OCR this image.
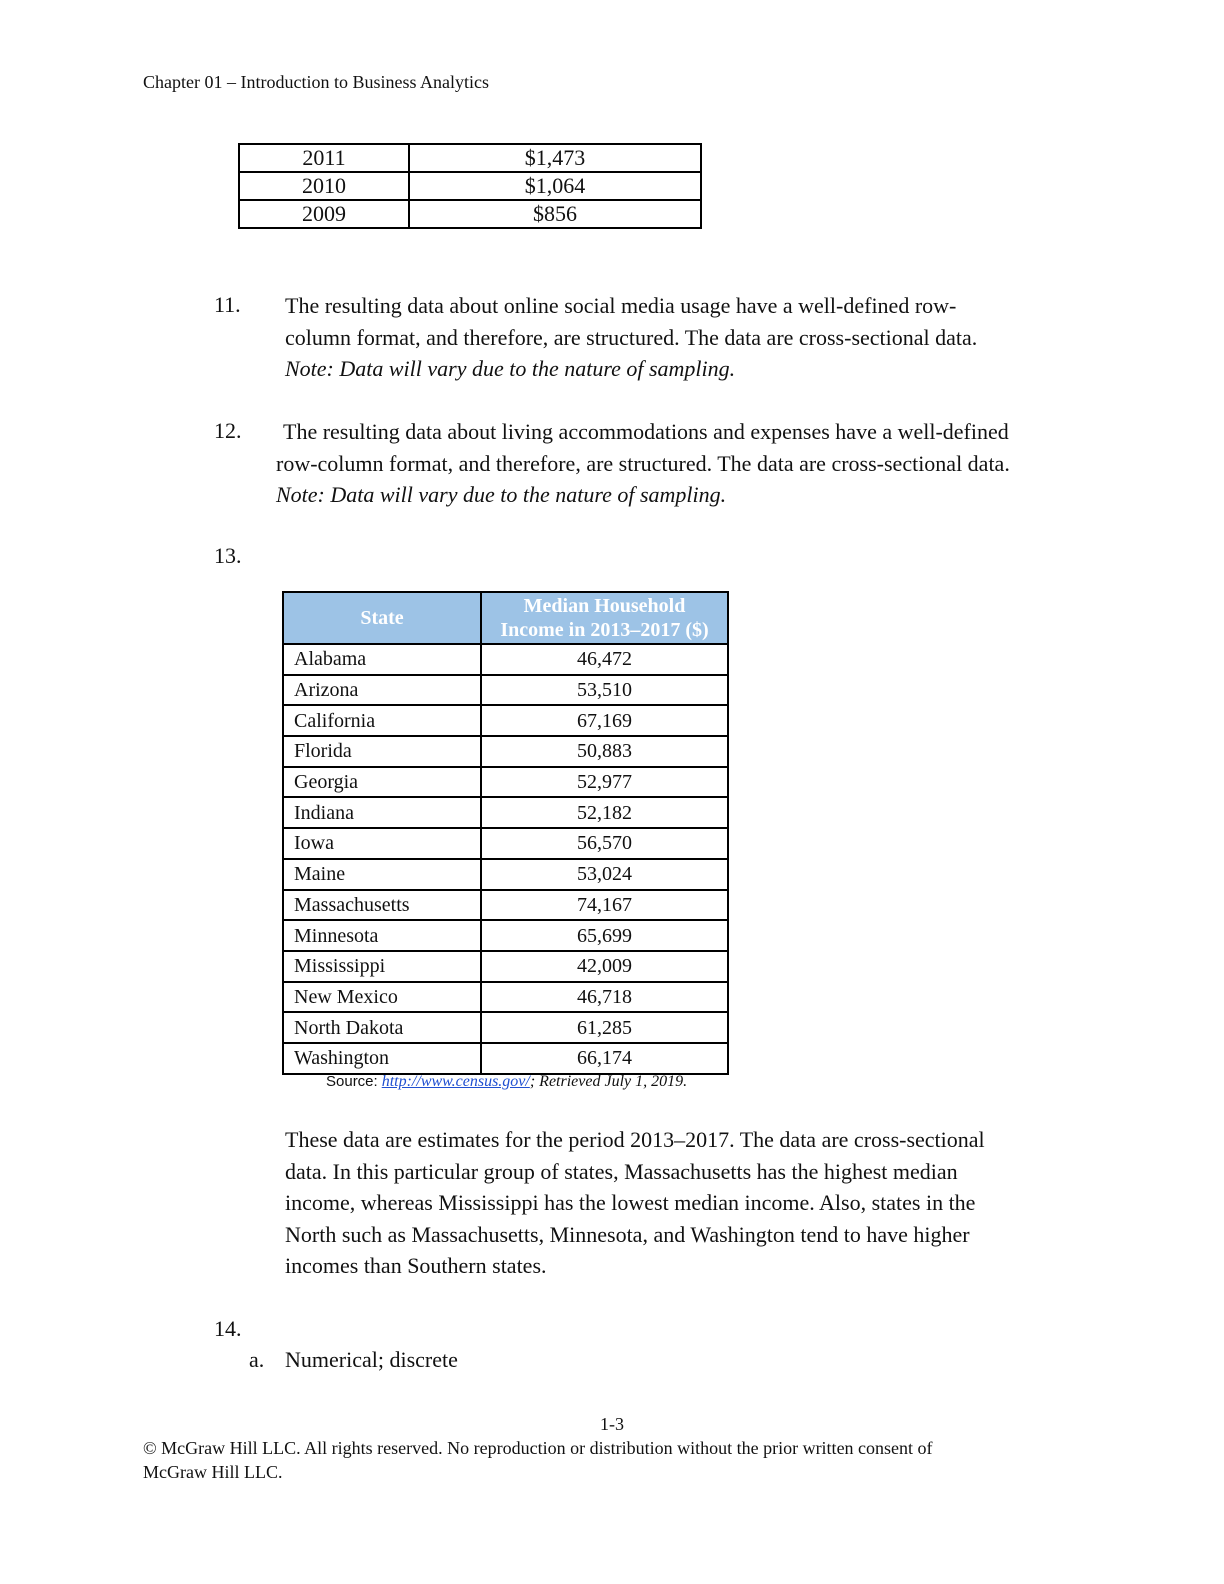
Chapter 01 – Introduction to Business Analytics
2011	$1,473
2010	$1,064
2009	$856
11. The resulting data about online social media usage have a well-defined row-
column format, and therefore, are structured. The data are cross-sectional data.
Note: Data will vary due to the nature of sampling.
12.	The resulting data about living accommodations and expenses have a well-defined
row-column format, and therefore, are structured. The data are cross-sectional data.
Note: Data will vary due to the nature of sampling.
13.
State	Median Household
Income in 2013–2017 ($)

Alabama	46,472
Arizona	53,510
California	67,169
Florida	50,883
Georgia	52,977
Indiana	52,182
Iowa	56,570
Maine	53,024
Massachusetts	74,167
Minnesota	65,699
Mississippi	42,009
New Mexico	46,718
North Dakota	61,285
Washington	66,174
Source: http://www.census.gov/; Retrieved July 1, 2019.
These data are estimates for the period 2013–2017. The data are cross-sectional
data. In this particular group of states, Massachusetts has the highest median
income, whereas Mississippi has the lowest median income. Also, states in the
North such as Massachusetts, Minnesota, and Washington tend to have higher
incomes than Southern states.
14.
a. Numerical; discrete
1-3
© McGraw Hill LLC. All rights reserved. No reproduction or distribution without the prior written consent of
McGraw Hill LLC.
